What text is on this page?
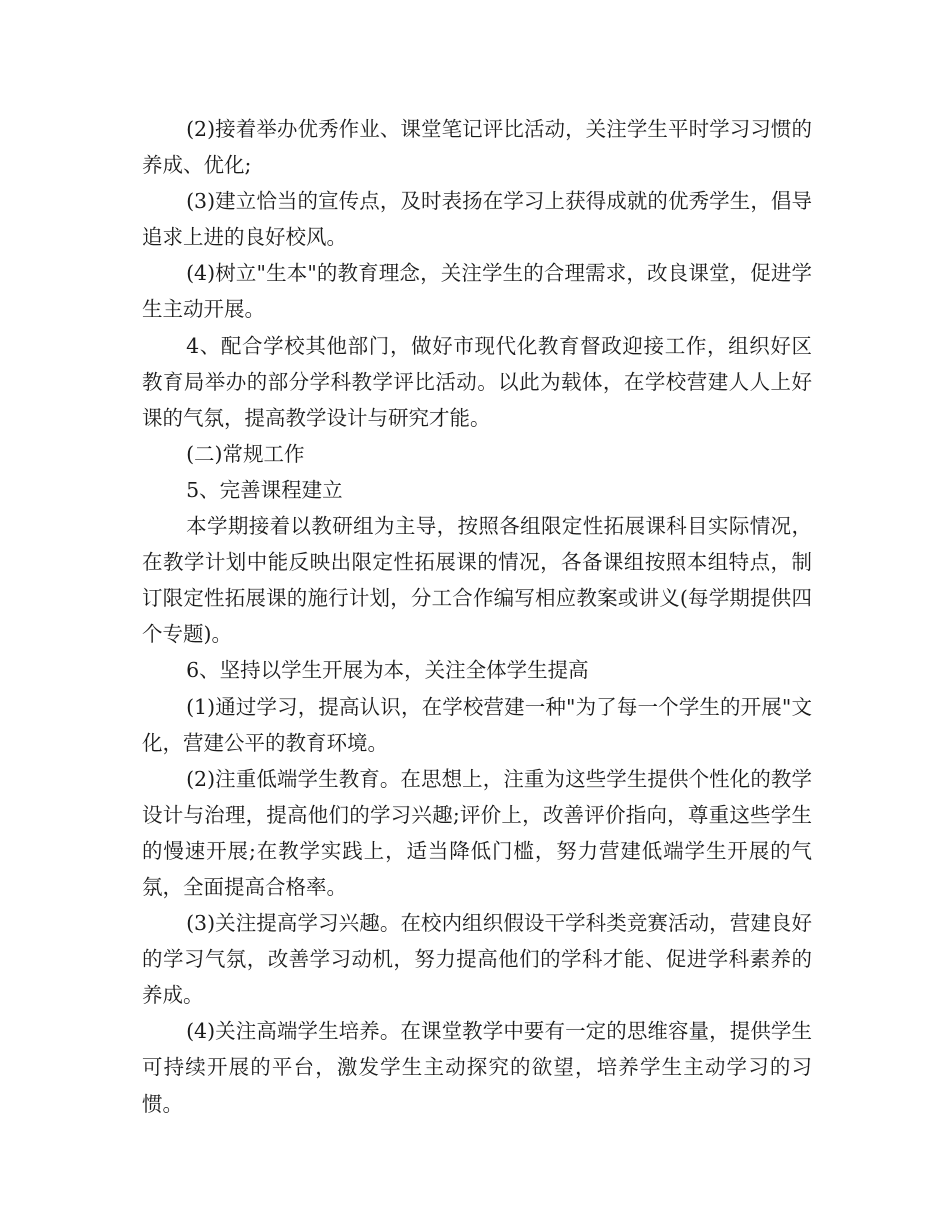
(2)接着举办优秀作业、课堂笔记评比活动，关注学生平时学习习惯的养成、优化;

(3)建立恰当的宣传点，及时表扬在学习上获得成就的优秀学生，倡导追求上进的良好校风。

(4)树立"生本"的教育理念，关注学生的合理需求，改良课堂，促进学生主动开展。

4、配合学校其他部门，做好市现代化教育督政迎接工作，组织好区教育局举办的部分学科教学评比活动。以此为载体，在学校营建人人上好课的气氛，提高教学设计与研究才能。

(二)常规工作

5、完善课程建立

本学期接着以教研组为主导，按照各组限定性拓展课科目实际情况，在教学计划中能反映出限定性拓展课的情况，各备课组按照本组特点，制订限定性拓展课的施行计划，分工合作编写相应教案或讲义(每学期提供四个专题)。

6、坚持以学生开展为本，关注全体学生提高

(1)通过学习，提高认识，在学校营建一种"为了每一个学生的开展"文化，营建公平的教育环境。

(2)注重低端学生教育。在思想上，注重为这些学生提供个性化的教学设计与治理，提高他们的学习兴趣;评价上，改善评价指向，尊重这些学生的慢速开展;在教学实践上，适当降低门槛，努力营建低端学生开展的气氛，全面提高合格率。

(3)关注提高学习兴趣。在校内组织假设干学科类竞赛活动，营建良好的学习气氛，改善学习动机，努力提高他们的学科才能、促进学科素养的养成。

(4)关注高端学生培养。在课堂教学中要有一定的思维容量，提供学生可持续开展的平台，激发学生主动探究的欲望，培养学生主动学习的习惯。
